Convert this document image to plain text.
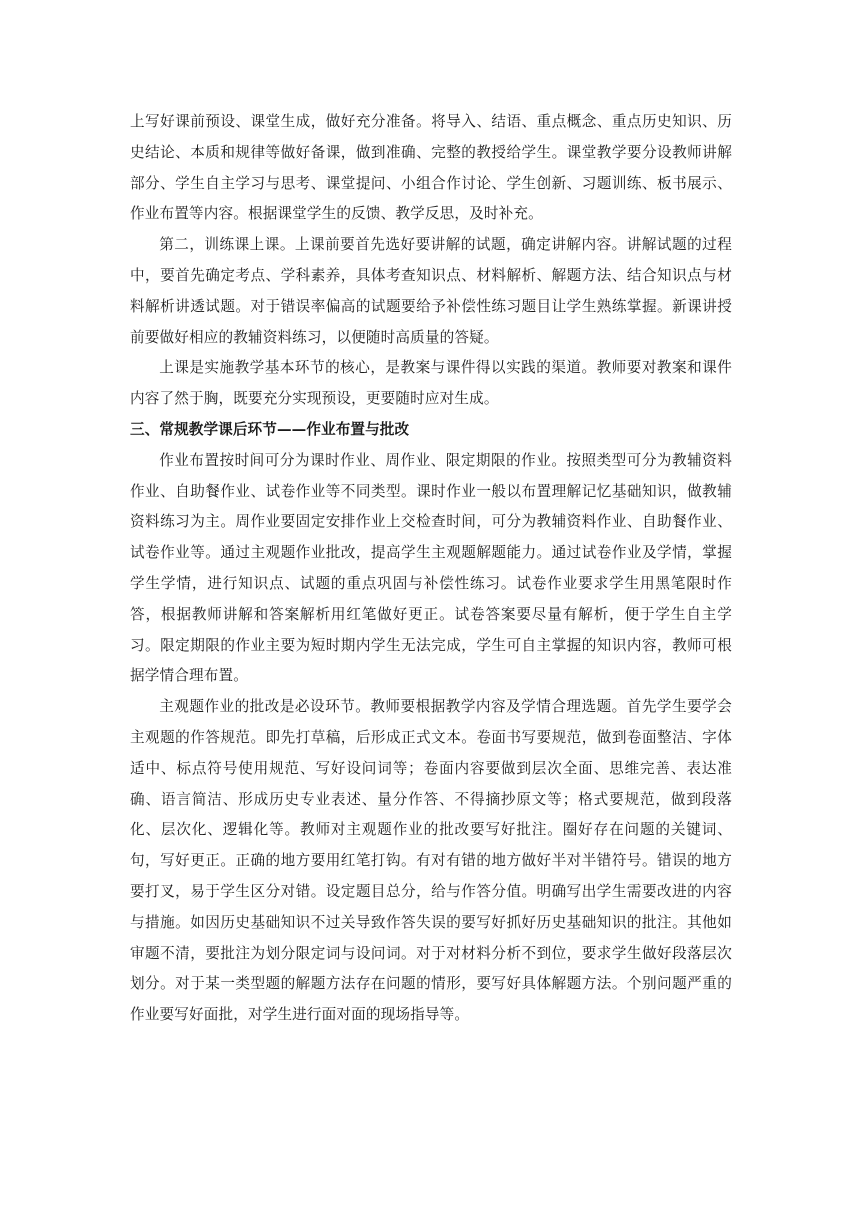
上写好课前预设、课堂生成，做好充分准备。将导入、结语、重点概念、重点历史知识、历史结论、本质和规律等做好备课，做到准确、完整的教授给学生。课堂教学要分设教师讲解部分、学生自主学习与思考、课堂提问、小组合作讨论、学生创新、习题训练、板书展示、作业布置等内容。根据课堂学生的反馈、教学反思，及时补充。

第二，训练课上课。上课前要首先选好要讲解的试题，确定讲解内容。讲解试题的过程中，要首先确定考点、学科素养，具体考查知识点、材料解析、解题方法、结合知识点与材料解析讲透试题。对于错误率偏高的试题要给予补偿性练习题目让学生熟练掌握。新课讲授前要做好相应的教辅资料练习，以便随时高质量的答疑。

上课是实施教学基本环节的核心，是教案与课件得以实践的渠道。教师要对教案和课件内容了然于胸，既要充分实现预设，更要随时应对生成。

三、常规教学课后环节——作业布置与批改

作业布置按时间可分为课时作业、周作业、限定期限的作业。按照类型可分为教辅资料作业、自助餐作业、试卷作业等不同类型。课时作业一般以布置理解记忆基础知识，做教辅资料练习为主。周作业要固定安排作业上交检查时间，可分为教辅资料作业、自助餐作业、试卷作业等。通过主观题作业批改，提高学生主观题解题能力。通过试卷作业及学情，掌握学生学情，进行知识点、试题的重点巩固与补偿性练习。试卷作业要求学生用黑笔限时作答，根据教师讲解和答案解析用红笔做好更正。试卷答案要尽量有解析，便于学生自主学习。限定期限的作业主要为短时期内学生无法完成，学生可自主掌握的知识内容，教师可根据学情合理布置。

主观题作业的批改是必设环节。教师要根据教学内容及学情合理选题。首先学生要学会主观题的作答规范。即先打草稿，后形成正式文本。卷面书写要规范，做到卷面整洁、字体适中、标点符号使用规范、写好设问词等；卷面内容要做到层次全面、思维完善、表达准确、语言简洁、形成历史专业表述、量分作答、不得摘抄原文等；格式要规范，做到段落化、层次化、逻辑化等。教师对主观题作业的批改要写好批注。圈好存在问题的关键词、句，写好更正。正确的地方要用红笔打钩。有对有错的地方做好半对半错符号。错误的地方要打叉，易于学生区分对错。设定题目总分，给与作答分值。明确写出学生需要改进的内容与措施。如因历史基础知识不过关导致作答失误的要写好抓好历史基础知识的批注。其他如审题不清，要批注为划分限定词与设问词。对于对材料分析不到位，要求学生做好段落层次划分。对于某一类型题的解题方法存在问题的情形，要写好具体解题方法。个别问题严重的作业要写好面批，对学生进行面对面的现场指导等。
